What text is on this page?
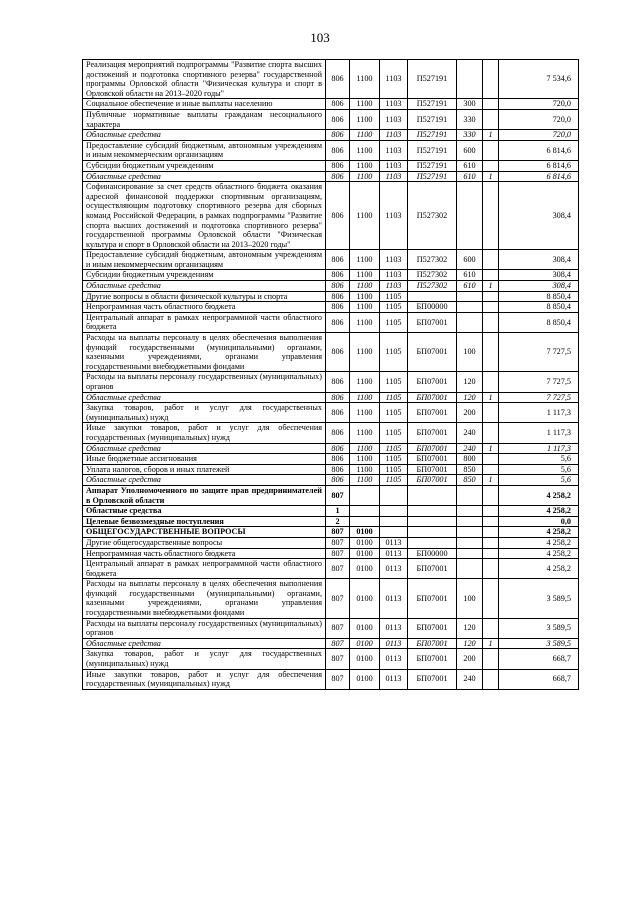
103
Реализация мероприятий подпрограммы "Развитие спорта высших достижений и подготовка спортивного резерва" государственной программы Орловской области "Физическая культура и спорт в Орловской области на 2013–2020 годы"	806	1100	1103	П527191			7 534,6
Социальное обеспечение и иные выплаты населению	806	1100	1103	П527191	300		720,0
Публичные нормативные выплаты гражданам несоциального характера	806	1100	1103	П527191	330		720,0
Областные средства	806	1100	1103	П527191	330	1	720,0
Предоставление субсидий бюджетным, автономным учреждениям и иным некоммерческим организациям	806	1100	1103	П527191	600		6 814,6
Субсидии бюджетным учреждениям	806	1100	1103	П527191	610		6 814,6
Областные средства	806	1100	1103	П527191	610	1	6 814,6
Софинансирование за счет средств областного бюджета оказания адресной финансовой поддержки спортивным организациям, осуществляющим подготовку спортивного резерва для сборных команд Российской Федерации, в рамках подпрограммы "Развитие спорта высших достижений и подготовка спортивного резерва" государственной программы Орловской области "Физическая культура и спорт в Орловской области на 2013–2020 годы"	806	1100	1103	П527302			308,4
Предоставление субсидий бюджетным, автономным учреждениям и иным некоммерческим организациям	806	1100	1103	П527302	600		308,4
Субсидии бюджетным учреждениям	806	1100	1103	П527302	610		308,4
Областные средства	806	1100	1103	П527302	610	1	308,4
Другие вопросы в области физической культуры и спорта	806	1100	1105				8 850,4
Непрограммная часть областного бюджета	806	1100	1105	БП00000			8 850,4
Центральный аппарат в рамках непрограммной части областного бюджета	806	1100	1105	БП07001			8 850,4
Расходы на выплаты персоналу в целях обеспечения выполнения функций государственными (муниципальными) органами, казенными учреждениями, органами управления государственными внебюджетными фондами	806	1100	1105	БП07001	100		7 727,5
Расходы на выплаты персоналу государственных (муниципальных) органов	806	1100	1105	БП07001	120		7 727,5
Областные средства	806	1100	1105	БП07001	120	1	7 727,5
Закупка товаров, работ и услуг для государственных (муниципальных) нужд	806	1100	1105	БП07001	200		1 117,3
Иные закупки товаров, работ и услуг для обеспечения государственных (муниципальных) нужд	806	1100	1105	БП07001	240		1 117,3
Областные средства	806	1100	1105	БП07001	240	1	1 117,3
Иные бюджетные ассигнования	806	1100	1105	БП07001	800		5,6
Уплата налогов, сборов и иных платежей	806	1100	1105	БП07001	850		5,6
Областные средства	806	1100	1105	БП07001	850	1	5,6
Аппарат Уполномоченного по защите прав предпринимателей в Орловской области	807						4 258,2
Областные средства	1						4 258,2
Целевые безвозмездные поступления	2						0,0
ОБЩЕГОСУДАРСТВЕННЫЕ ВОПРОСЫ	807	0100					4 258,2
Другие общегосударственные вопросы	807	0100	0113				4 258,2
Непрограммная часть областного бюджета	807	0100	0113	БП00000			4 258,2
Центральный аппарат в рамках непрограммной части областного бюджета	807	0100	0113	БП07001			4 258,2
Расходы на выплаты персоналу в целях обеспечения выполнения функций государственными (муниципальными) органами, казенными учреждениями, органами управления государственными внебюджетными фондами	807	0100	0113	БП07001	100		3 589,5
Расходы на выплаты персоналу государственных (муниципальных) органов	807	0100	0113	БП07001	120		3 589,5
Областные средства	807	0100	0113	БП07001	120	1	3 589,5
Закупка товаров, работ и услуг для государственных (муниципальных) нужд	807	0100	0113	БП07001	200		668,7
Иные закупки товаров, работ и услуг для обеспечения государственных (муниципальных) нужд	807	0100	0113	БП07001	240		668,7
